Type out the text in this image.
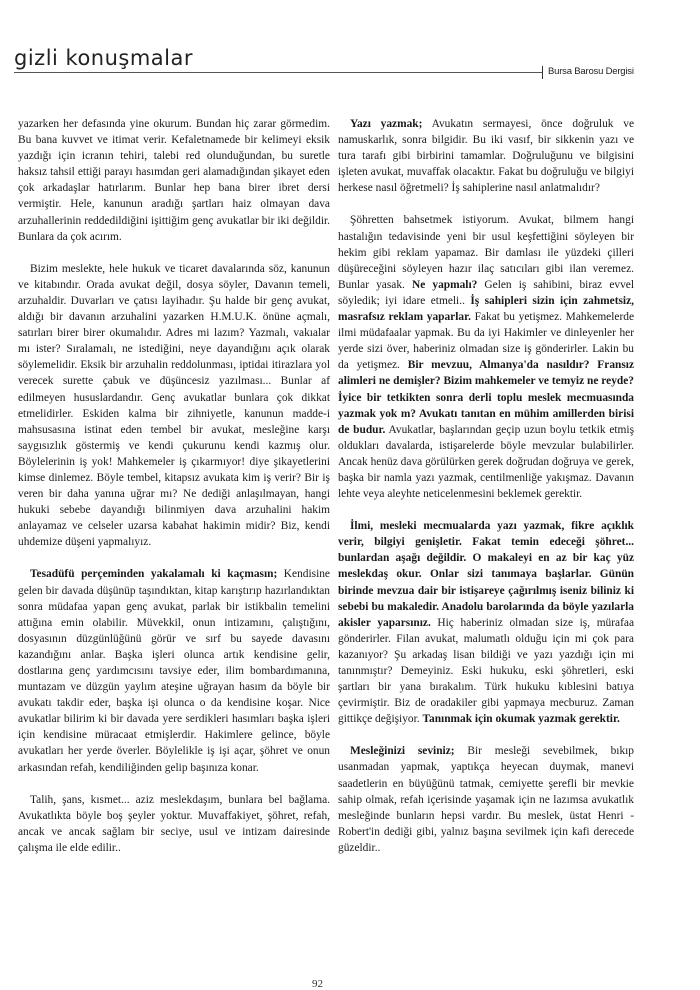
gizli konuşmalar
Bursa Barosu Dergisi

yazarken her defasında yine okurum. Bundan hiç zarar görmedim. Bu bana kuvvet ve itimat verir. Kefaletnamede bir kelimeyi eksik yazdığı için icranın tehiri, talebi red olunduğundan, bu suretle haksız tahsil ettiği parayı hasımdan geri alamadığından şikayet eden çok arkadaşlar hatırlarım. Bunlar hep bana birer ibret dersi vermiştir. Hele, kanunun aradığı şartları haiz olmayan dava arzuhallerinin reddedildiğini işittiğim genç avukatlar bir iki değildir. Bunlara da çok acırım.

Bizim meslekte, hele hukuk ve ticaret davalarında söz, kanunun ve kitabındır. Orada avukat değil, dosya söyler, Davanın temeli, arzuhaldir. Duvarları ve çatısı layihadır. Şu halde bir genç avukat, aldığı bir davanın arzuhalini yazarken H.M.U.K. önüne açmalı, satırları birer birer okumalıdır. Adres mi lazım? Yazmalı, vakıalar mı ister? Sıralamalı, ne istediğini, neye dayandığını açık olarak söylemelidir. Eksik bir arzuhalin reddolunması, iptidai itirazlara yol verecek surette çabuk ve düşüncesiz yazılması... Bunlar af edilmeyen hususlardandır. Genç avukatlar bunlara çok dikkat etmelidirler. Eskiden kalma bir zihniyetle, kanunun madde-i mahsusasına istinat eden tembel bir avukat, mesleğine karşı saygısızlık göstermiş ve kendi çukurunu kendi kazmış olur. Böylelerinin iş yok! Mahkemeler iş çıkarmıyor! diye şikayetlerini kimse dinlemez. Böyle tembel, kitapsız avukata kim iş verir? Bir iş veren bir daha yanına uğrar mı? Ne dediği anlaşılmayan, hangi hukuki sebebe dayandığı bilinmiyen dava arzuhalini hakim anlayamaz ve celseler uzarsa kabahat hakimin midir? Biz, kendi uhdemize düşeni yapmalıyız.

Tesadüfü perçeminden yakalamalı ki kaçmasın; Kendisine gelen bir davada düşünüp taşındıktan, kitap karıştırıp hazırlandıktan sonra müdafaa yapan genç avukat, parlak bir istikbalin temelini attığına emin olabilir. Müvekkil, onun intizamını, çalıştığını, dosyasının düzgünlüğünü görür ve sırf bu sayede davasını kazandığını anlar. Başka işleri olunca artık kendisine gelir, dostlarına genç yardımcısını tavsiye eder, ilim bombardımanına, muntazam ve düzgün yaylım ateşine uğrayan hasım da böyle bir avukatı takdir eder, başka işi olunca o da kendisine koşar. Nice avukatlar bilirim ki bir davada yere serdikleri hasımları başka işleri için kendisine müracaat etmişlerdir. Hakimlere gelince, böyle avukatları her yerde överler. Böylelikle iş işi açar, şöhret ve onun arkasından refah, kendiliğinden gelip başınıza konar.

Talih, şans, kısmet... aziz meslekdaşım, bunlara bel bağlama. Avukatlıkta böyle boş şeyler yoktur. Muvaffakiyet, şöhret, refah, ancak ve ancak sağlam bir seciye, usul ve intizam dairesinde çalışma ile elde edilir..

Yazı yazmak; Avukatın sermayesi, önce doğruluk ve namuskarlık, sonra bilgidir. Bu iki vasıf, bir sikkenin yazı ve tura tarafı gibi birbirini tamamlar. Doğruluğunu ve bilgisini işleten avukat, muvaffak olacaktır. Fakat bu doğruluğu ve bilgiyi herkese nasıl öğretmeli? İş sahiplerine nasıl anlatmalıdır?

Şöhretten bahsetmek istiyorum. Avukat, bilmem hangi hastalığın tedavisinde yeni bir usul keşfettiğini söyleyen bir hekim gibi reklam yapamaz. Bir damlası ile yüzdeki çilleri düşüreceğini söyleyen hazır ilaç satıcıları gibi ilan veremez. Bunlar yasak. Ne yapmalı? Gelen iş sahibini, biraz evvel söyledik; iyi idare etmeli.. İş sahipleri sizin için zahmetsiz, masrafsız reklam yaparlar. Fakat bu yetişmez. Mahkemelerde ilmi müdafaalar yapmak. Bu da iyi Hakimler ve dinleyenler her yerde sizi över, haberiniz olmadan size iş gönderirler. Lakin bu da yetişmez. Bir mevzuu, Almanya'da nasıldır? Fransız alimleri ne demişler? Bizim mahkemeler ve temyiz ne reyde? İyice bir tetkikten sonra derli toplu meslek mecmuasında yazmak yok m? Avukatı tanıtan en mühim amillerden birisi de budur. Avukatlar, başlarından geçip uzun boylu tetkik etmiş oldukları davalarda, istişarelerde böyle mevzular bulabilirler. Ancak henüz dava görülürken gerek doğrudan doğruya ve gerek, başka bir namla yazı yazmak, centilmenliğe yakışmaz. Davanın lehte veya aleyhte neticelenmesini beklemek gerektir.

İlmi, mesleki mecmualarda yazı yazmak, fikre açıklık verir, bilgiyi genişletir. Fakat temin edeceği şöhret... bunlardan aşağı değildir. O makaleyi en az bir kaç yüz meslekdaş okur. Onlar sizi tanımaya başlarlar. Günün birinde mevzua dair bir istişareye çağırılmış iseniz biliniz ki sebebi bu makaledir. Anadolu barolarında da böyle yazılarla akisler yaparsınız. Hiç haberiniz olmadan size iş, mürafaa gönderirler. Filan avukat, malumatlı olduğu için mi çok para kazanıyor? Şu arkadaş lisan bildiği ve yazı yazdığı için mi tanınmıştır? Demeyiniz. Eski hukuku, eski şöhretleri, eski şartları bir yana bırakalım. Türk hukuku kıblesini batıya çevirmiştir. Biz de oradakiler gibi yapmaya mecburuz. Zaman gittikçe değişiyor. Tanınmak için okumak yazmak gerektir.

Mesleğinizi seviniz; Bir mesleği sevebilmek, bıkıp usanmadan yapmak, yaptıkça heyecan duymak, manevi saadetlerin en büyüğünü tatmak, cemiyette şerefli bir mevkie sahip olmak, refah içerisinde yaşamak için ne lazımsa avukatlık mesleğinde bunların hepsi vardır. Bu meslek, üstat Henri - Robert'in dediği gibi, yalnız başına sevilmek için kafi derecede güzeldir..

92
